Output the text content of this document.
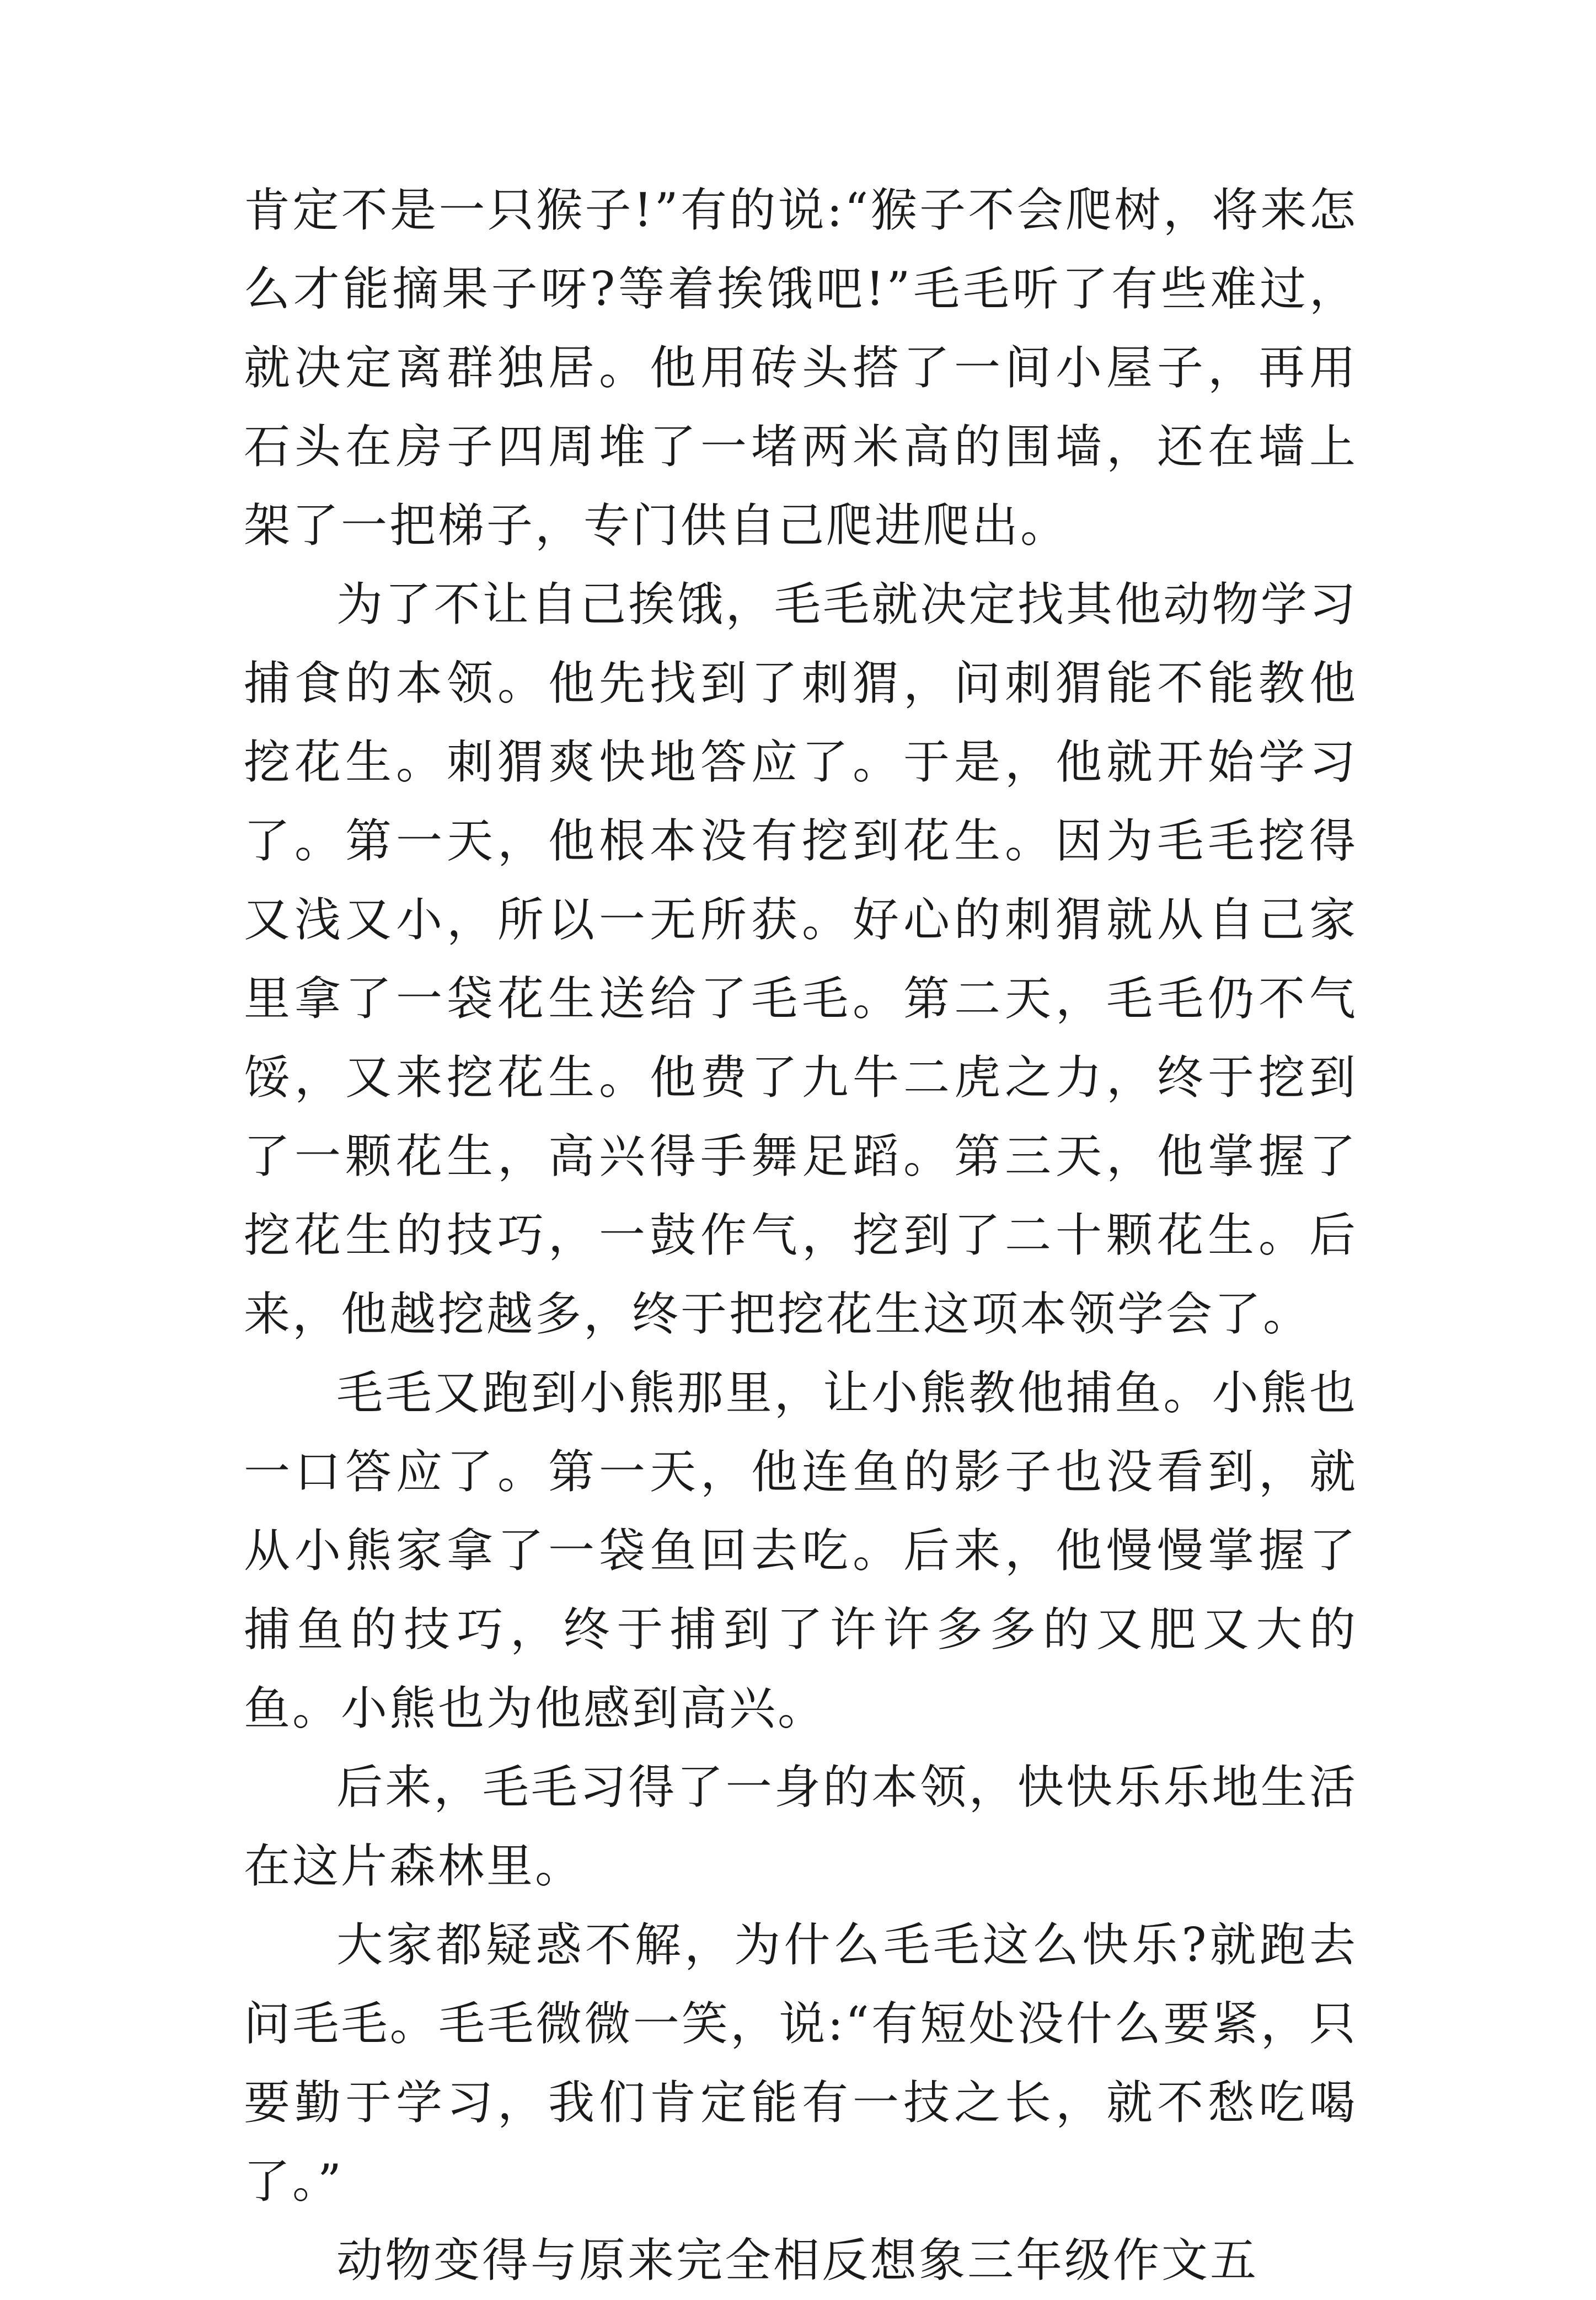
肯定不是一只猴子!”有的说:“猴子不会爬树，将来怎么才能摘果子呀?等着挨饿吧!”毛毛听了有些难过，就决定离群独居。他用砖头搭了一间小屋子，再用石头在房子四周堆了一堵两米高的围墙，还在墙上架了一把梯子，专门供自己爬进爬出。

为了不让自己挨饿，毛毛就决定找其他动物学习捕食的本领。他先找到了刺猬，问刺猬能不能教他挖花生。刺猬爽快地答应了。于是，他就开始学习了。第一天，他根本没有挖到花生。因为毛毛挖得又浅又小，所以一无所获。好心的刺猬就从自己家里拿了一袋花生送给了毛毛。第二天，毛毛仍不气馁，又来挖花生。他费了九牛二虎之力，终于挖到了一颗花生，高兴得手舞足蹈。第三天，他掌握了挖花生的技巧，一鼓作气，挖到了二十颗花生。后来，他越挖越多，终于把挖花生这项本领学会了。

毛毛又跑到小熊那里，让小熊教他捕鱼。小熊也一口答应了。第一天，他连鱼的影子也没看到，就从小熊家拿了一袋鱼回去吃。后来，他慢慢掌握了捕鱼的技巧，终于捕到了许许多多的又肥又大的鱼。小熊也为他感到高兴。

后来，毛毛习得了一身的本领，快快乐乐地生活在这片森林里。

大家都疑惑不解，为什么毛毛这么快乐?就跑去问毛毛。毛毛微微一笑，说:“有短处没什么要紧，只要勤于学习，我们肯定能有一技之长，就不愁吃喝了。”

动物变得与原来完全相反想象三年级作文五
